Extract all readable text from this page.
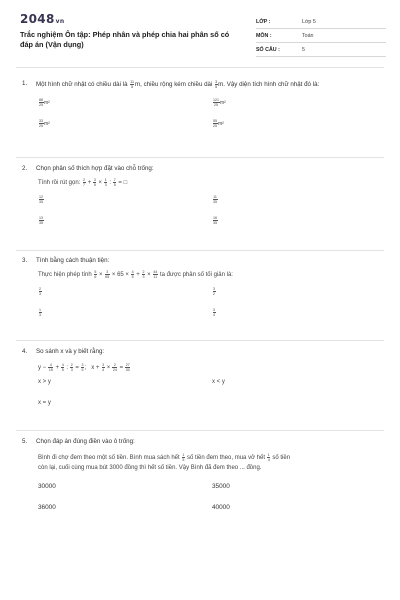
2048vn
Trắc nghiệm Ôn tập: Phép nhân và phép chia hai phân số có đáp án (Vận dụng)
LỚP :	Lớp 5
MÔN :	Toán
SỐ CÂU :	5
1. Một hình chữ nhật có chiều dài là $\frac{11}{5} m$, chiều rộng kém chiều dài $\frac{3}{5} m$. Vậy diện tích hình chữ nhật đó là:
$\frac{88}{25} m^2$	$\frac{121}{25} m^2$
$\frac{33}{25} m^2$	$\frac{55}{25} m^2$
2. Chọn phân số thích hợp đặt vào chỗ trống:
Tính rồi rút gọn: $\frac{2}{7} + \frac{3}{5} \times \frac{1}{3}$ : $\frac{7}{5}$ = □
$\frac{12}{35}$	$\frac{11}{35}$
$\frac{13}{35}$	$\frac{16}{35}$
3. Tính bằng cách thuận tiện:
Thực hiện phép tính $\frac{5}{6} \times \frac{3}{65} \times 65 \times \frac{4}{5} + \frac{2}{3} \times \frac{44}{11}$ ta được phân số tối giản là:
$\frac{2}{3}$	$\frac{3}{2}$
$\frac{1}{3}$	$\frac{3}{4}$
4. So sánh x và y biết rằng:
$y - \frac{4}{15} + \frac{4}{5}$ : $\frac{2}{3} = \frac{3}{5}$ ;   $x + \frac{3}{4} \times \frac{2}{24} = \frac{27}{30}$
x > y	x < y
x = y
5. Chọn đáp án đúng điền vào ô trống:
Bình đi chợ đem theo một số tiền. Bình mua sách hết $\frac{1}{5}$ số tiền đem theo, mua vở hết $\frac{1}{4}$ số tiền
còn lại, cuối cùng mua bút 3000 đồng thì hết số tiền. Vậy Bình đã đem theo ... đồng.
30000	35000
36000	40000
